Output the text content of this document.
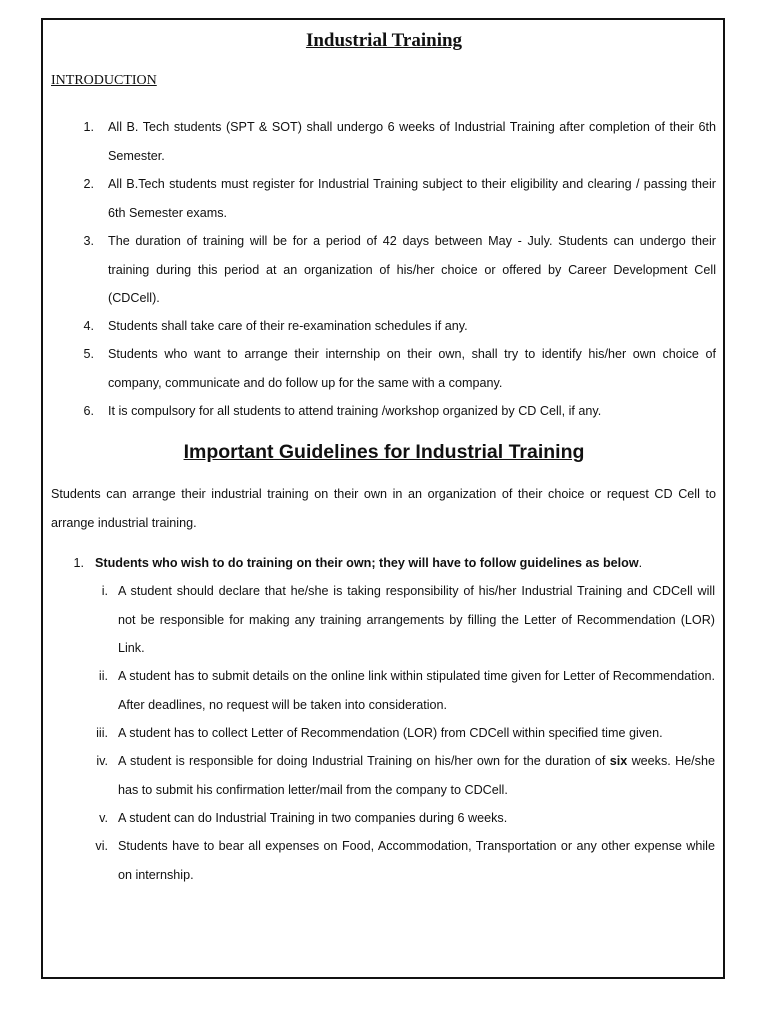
Industrial Training
INTRODUCTION
1. All B. Tech students (SPT & SOT) shall undergo 6 weeks of Industrial Training after completion of their 6th Semester.
2. All B.Tech students must register for Industrial Training subject to their eligibility and clearing / passing their 6th Semester exams.
3. The duration of training will be for a period of 42 days between May - July. Students can undergo their training during this period at an organization of his/her choice or offered by Career Development Cell (CDCell).
4. Students shall take care of their re-examination schedules if any.
5. Students who want to arrange their internship on their own, shall try to identify his/her own choice of company, communicate and do follow up for the same with a company.
6. It is compulsory for all students to attend training /workshop organized by CD Cell, if any.
Important Guidelines for Industrial Training
Students can arrange their industrial training on their own in an organization of their choice or request CD Cell to arrange industrial training.
1. Students who wish to do training on their own; they will have to follow guidelines as below.
i. A student should declare that he/she is taking responsibility of his/her Industrial Training and CDCell will not be responsible for making any training arrangements by filling the Letter of Recommendation (LOR) Link.
ii. A student has to submit details on the online link within stipulated time given for Letter of Recommendation. After deadlines, no request will be taken into consideration.
iii. A student has to collect Letter of Recommendation (LOR) from CDCell within specified time given.
iv. A student is responsible for doing Industrial Training on his/her own for the duration of six weeks. He/she has to submit his confirmation letter/mail from the company to CDCell.
v. A student can do Industrial Training in two companies during 6 weeks.
vi. Students have to bear all expenses on Food, Accommodation, Transportation or any other expense while on internship.
